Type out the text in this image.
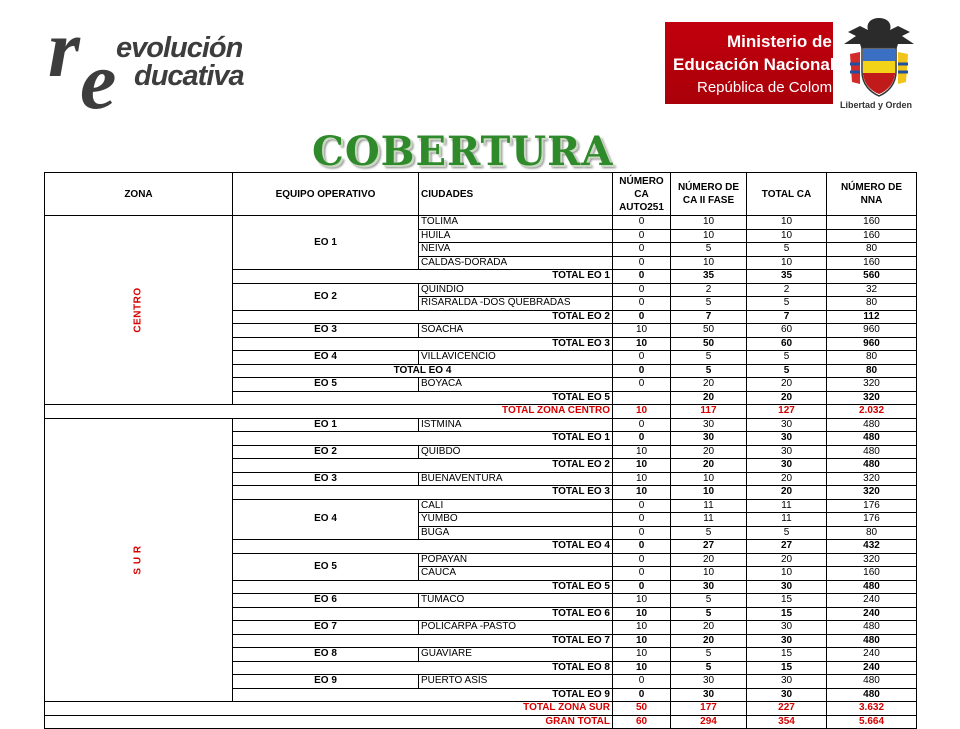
r e evolución
ducativa
Ministerio de
Educación Nacional
República de Colombia
Libertad y Orden
COBERTURA
ZONA	EQUIPO OPERATIVO	CIUDADES	NÚMERO CA AUTO251	NÚMERO DE CA II FASE	TOTAL CA	NÚMERO DE NNA
CENTRO	EO 1	TOLIMA	0	10	10	160
		HUILA	0	10	10	160
		NEIVA	0	5	5	80
		CALDAS-DORADA	0	10	10	160
	TOTAL EO 1		0	35	35	560
	EO 2	QUINDIO	0	2	2	32
		RISARALDA -DOS QUEBRADAS	0	5	5	80
	TOTAL EO 2		0	7	7	112
	EO 3	SOACHA	10	50	60	960
	TOTAL EO 3		10	50	60	960
	EO 4	VILLAVICENCIO	0	5	5	80
	TOTAL EO 4		0	5	5	80
	EO 5	BOYACÁ	0	20	20	320
	TOTAL EO 5			20	20	320
TOTAL ZONA CENTRO			10	117	127	2.032
S U R	EO 1	ISTMINA	0	30	30	480
	TOTAL EO 1		0	30	30	480
	EO 2	QUIBDÓ	10	20	30	480
	TOTAL EO 2		10	20	30	480
	EO 3	BUENAVENTURA	10	10	20	320
	TOTAL EO 3		10	10	20	320
	EO 4	CALI	0	11	11	176
		YUMBO	0	11	11	176
		BUGA	0	5	5	80
	TOTAL EO 4		0	27	27	432
	EO 5	POPAYAN	0	20	20	320
		CAUCA	0	10	10	160
	TOTAL EO 5		0	30	30	480
	EO 6	TUMACO	10	5	15	240
	TOTAL EO 6		10	5	15	240
	EO 7	POLICARPA -PASTO	10	20	30	480
	TOTAL EO 7		10	20	30	480
	EO 8	GUAVIARE	10	5	15	240
	TOTAL EO 8		10	5	15	240
	EO 9	PUERTO ASÍS	0	30	30	480
	TOTAL EO 9		0	30	30	480
TOTAL ZONA SUR			50	177	227	3.632
GRAN TOTAL			60	294	354	5.664
